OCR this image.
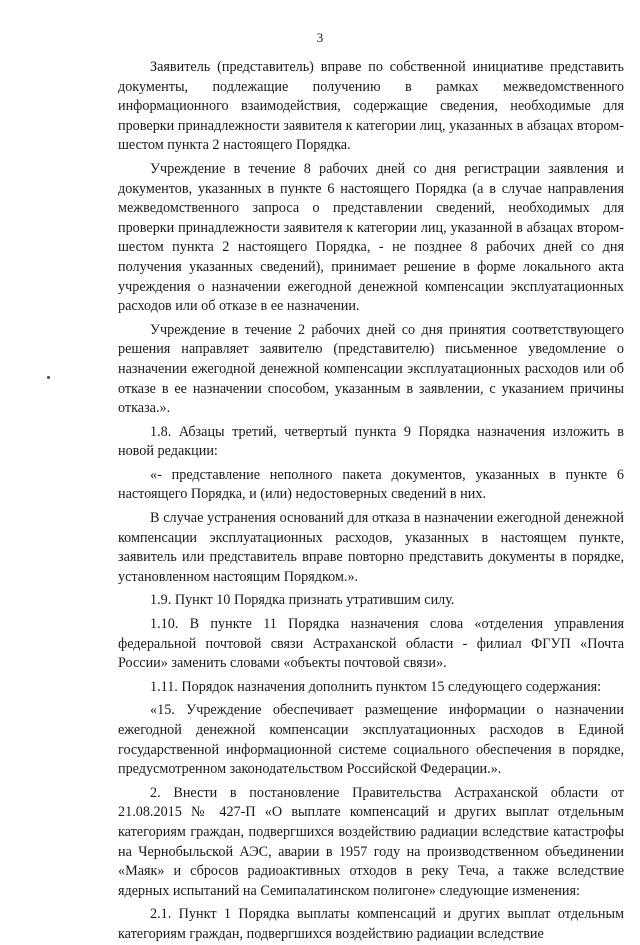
3

Заявитель (представитель) вправе по собственной инициативе представить документы, подлежащие получению в рамках межведомственного информационного взаимодействия, содержащие сведения, необходимые для проверки принадлежности заявителя к категории лиц, указанных в абзацах втором-шестом пункта 2 настоящего Порядка.

Учреждение в течение 8 рабочих дней со дня регистрации заявления и документов, указанных в пункте 6 настоящего Порядка (а в случае направления межведомственного запроса о представлении сведений, необходимых для проверки принадлежности заявителя к категории лиц, указанной в абзацах втором-шестом пункта 2 настоящего Порядка, - не позднее 8 рабочих дней со дня получения указанных сведений), принимает решение в форме локального акта учреждения о назначении ежегодной денежной компенсации эксплуатационных расходов или об отказе в ее назначении.

Учреждение в течение 2 рабочих дней со дня принятия соответствующего решения направляет заявителю (представителю) письменное уведомление о назначении ежегодной денежной компенсации эксплуатационных расходов или об отказе в ее назначении способом, указанным в заявлении, с указанием причины отказа.».

1.8. Абзацы третий, четвертый пункта 9 Порядка назначения изложить в новой редакции:

«- представление неполного пакета документов, указанных в пункте 6 настоящего Порядка, и (или) недостоверных сведений в них.

В случае устранения оснований для отказа в назначении ежегодной денежной компенсации эксплуатационных расходов, указанных в настоящем пункте, заявитель или представитель вправе повторно представить документы в порядке, установленном настоящим Порядком.».

1.9. Пункт 10 Порядка признать утратившим силу.

1.10. В пункте 11 Порядка назначения слова «отделения управления федеральной почтовой связи Астраханской области - филиал ФГУП «Почта России» заменить словами «объекты почтовой связи».

1.11. Порядок назначения дополнить пунктом 15 следующего содержания:

«15. Учреждение обеспечивает размещение информации о назначении ежегодной денежной компенсации эксплуатационных расходов в Единой государственной информационной системе социального обеспечения в порядке, предусмотренном законодательством Российской Федерации.».

2. Внести в постановление Правительства Астраханской области от 21.08.2015 № 427-П «О выплате компенсаций и других выплат отдельным категориям граждан, подвергшихся воздействию радиации вследствие катастрофы на Чернобыльской АЭС, аварии в 1957 году на производственном объединении «Маяк» и сбросов радиоактивных отходов в реку Теча, а также вследствие ядерных испытаний на Семипалатинском полигоне» следующие изменения:

2.1. Пункт 1 Порядка выплаты компенсаций и других выплат отдельным категориям граждан, подвергшихся воздействию радиации вследствие
